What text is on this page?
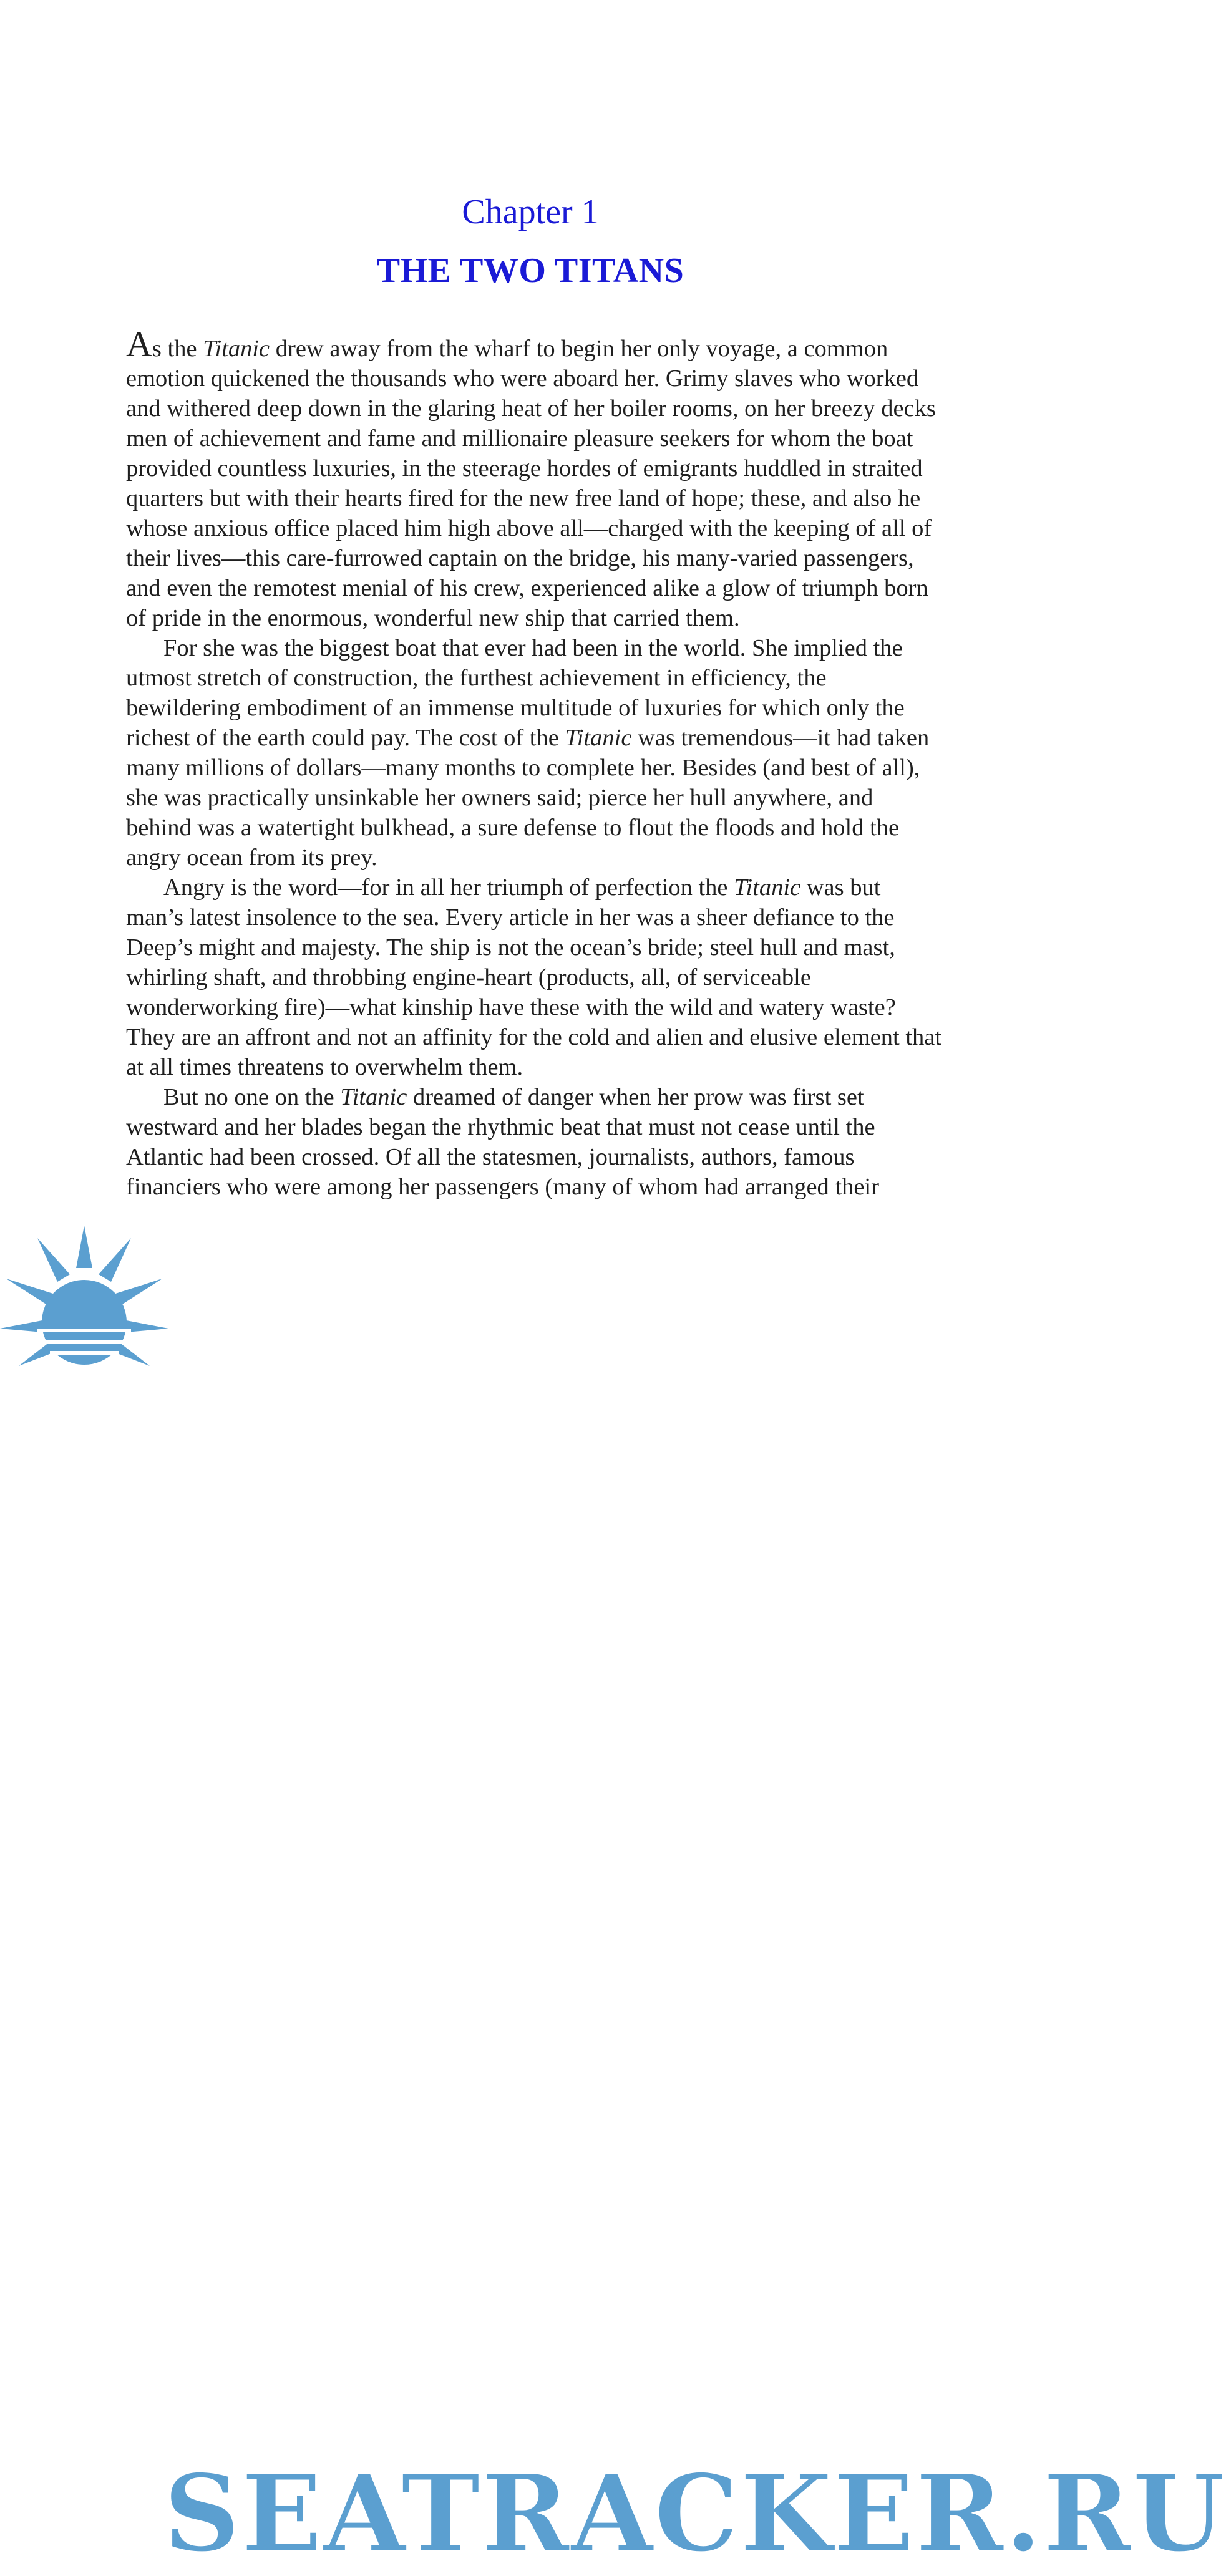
Chapter 1
THE TWO TITANS

As the Titanic drew away from the wharf to begin her only voyage, a common emotion quickened the thousands who were aboard her. Grimy slaves who worked and withered deep down in the glaring heat of her boiler rooms, on her breezy decks men of achievement and fame and millionaire pleasure seekers for whom the boat provided countless luxuries, in the steerage hordes of emigrants huddled in straited quarters but with their hearts fired for the new free land of hope; these, and also he whose anxious office placed him high above all—charged with the keeping of all of their lives—this care-furrowed captain on the bridge, his many-varied passengers, and even the remotest menial of his crew, experienced alike a glow of triumph born of pride in the enormous, wonderful new ship that carried them.

For she was the biggest boat that ever had been in the world. She implied the utmost stretch of construction, the furthest achievement in efficiency, the bewildering embodiment of an immense multitude of luxuries for which only the richest of the earth could pay. The cost of the Titanic was tremendous—it had taken many millions of dollars—many months to complete her. Besides (and best of all), she was practically unsinkable her owners said; pierce her hull anywhere, and behind was a watertight bulkhead, a sure defense to flout the floods and hold the angry ocean from its prey.

Angry is the word—for in all her triumph of perfection the Titanic was but man’s latest insolence to the sea. Every article in her was a sheer defiance to the Deep’s might and majesty. The ship is not the ocean’s bride; steel hull and mast, whirling shaft, and throbbing engine-heart (products, all, of serviceable wonderworking fire)—what kinship have these with the wild and watery waste? They are an affront and not an affinity for the cold and alien and elusive element that at all times threatens to overwhelm them.

But no one on the Titanic dreamed of danger when her prow was first set westward and her blades began the rhythmic beat that must not cease until the Atlantic had been crossed. Of all the statesmen, journalists, authors, famous financiers who were among her passengers (many of whom had arranged their

SEATRACKER.RU
